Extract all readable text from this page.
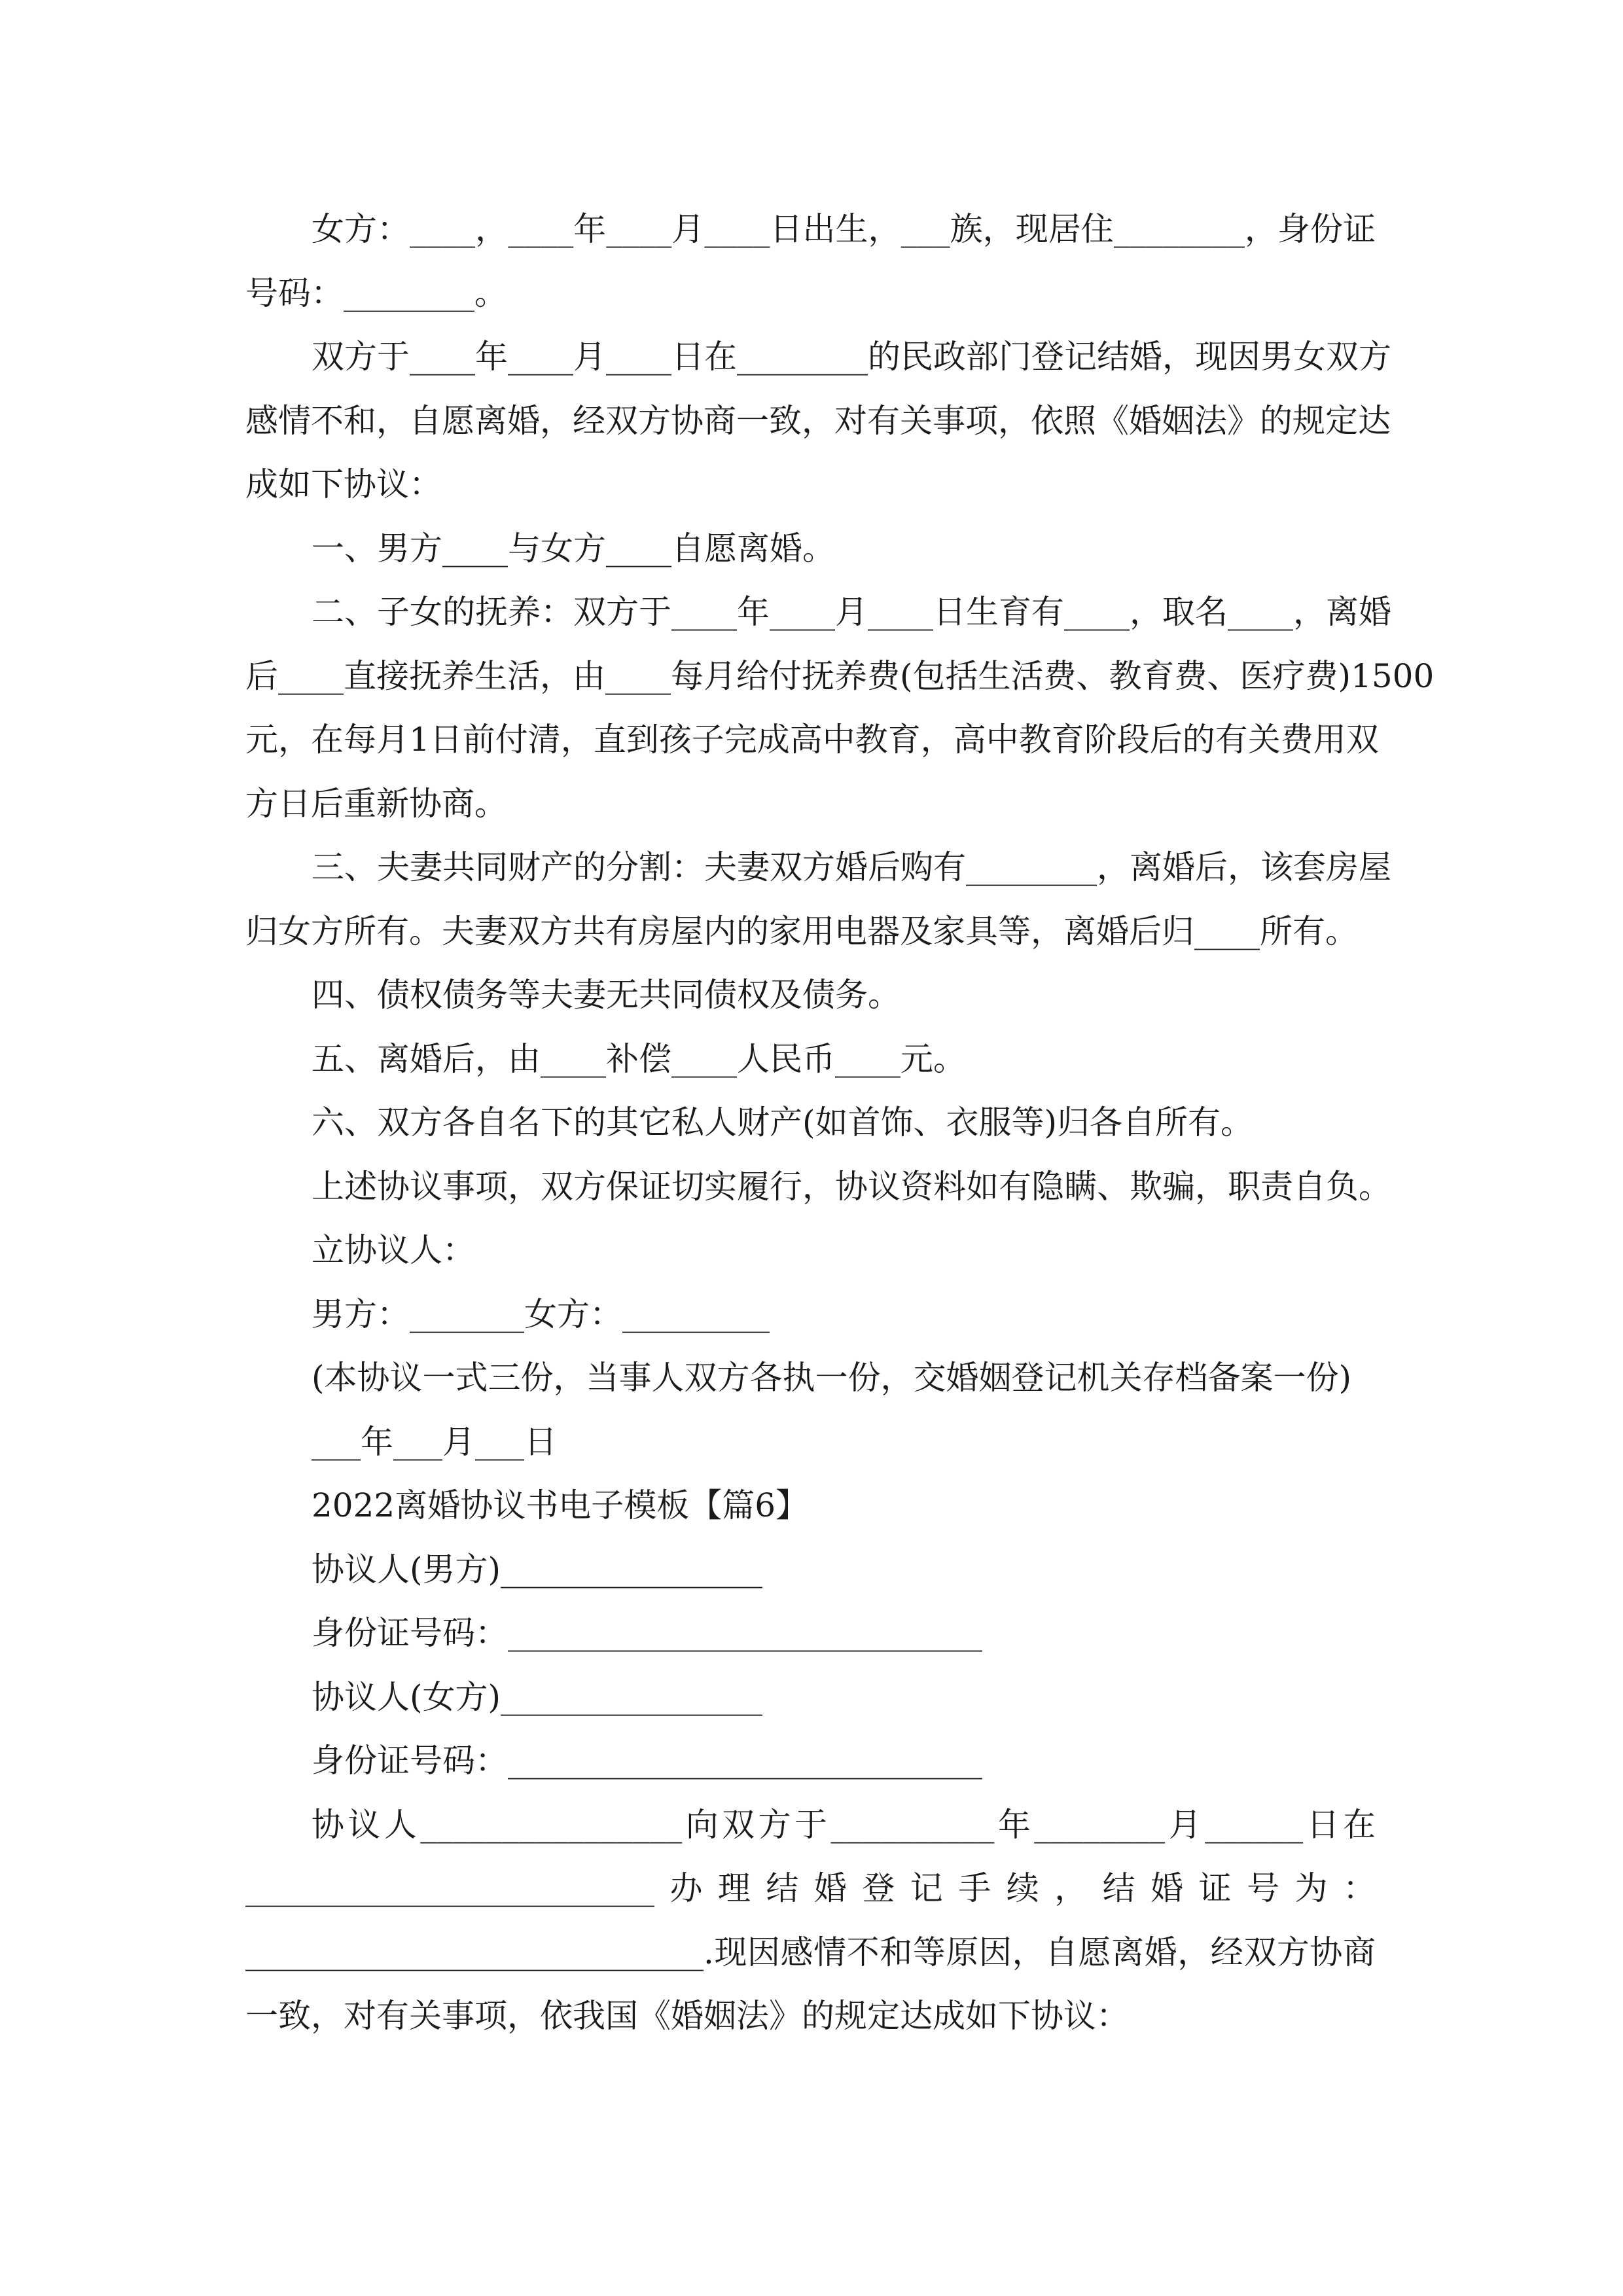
女方：____，____年____月____日出生，___族，现居住________，身份证
号码：________。
双方于____年____月____日在________的民政部门登记结婚，现因男女双方
感情不和，自愿离婚，经双方协商一致，对有关事项，依照《婚姻法》的规定达
成如下协议：
一、男方____与女方____自愿离婚。
二、子女的抚养：双方于____年____月____日生育有____，取名____，离婚
后____直接抚养生活，由____每月给付抚养费(包括生活费、教育费、医疗费)1500
元，在每月1日前付清，直到孩子完成高中教育，高中教育阶段后的有关费用双
方日后重新协商。
三、夫妻共同财产的分割：夫妻双方婚后购有________，离婚后，该套房屋
归女方所有。夫妻双方共有房屋内的家用电器及家具等，离婚后归____所有。
四、债权债务等夫妻无共同债权及债务。
五、离婚后，由____补偿____人民币____元。
六、双方各自名下的其它私人财产(如首饰、衣服等)归各自所有。
上述协议事项，双方保证切实履行，协议资料如有隐瞒、欺骗，职责自负。
立协议人：
男方：_______女方：_________
(本协议一式三份，当事人双方各执一份，交婚姻登记机关存档备案一份)
___年___月___日
2022离婚协议书电子模板【篇6】
协议人(男方)________________
身份证号码：_____________________________
协议人(女方)________________
身份证号码：_____________________________
协议人________________向双方于__________年________月______日在
_________________________办理结婚登记手续，结婚证号为：
____________________________.现因感情不和等原因，自愿离婚，经双方协商
一致，对有关事项，依我国《婚姻法》的规定达成如下协议：
